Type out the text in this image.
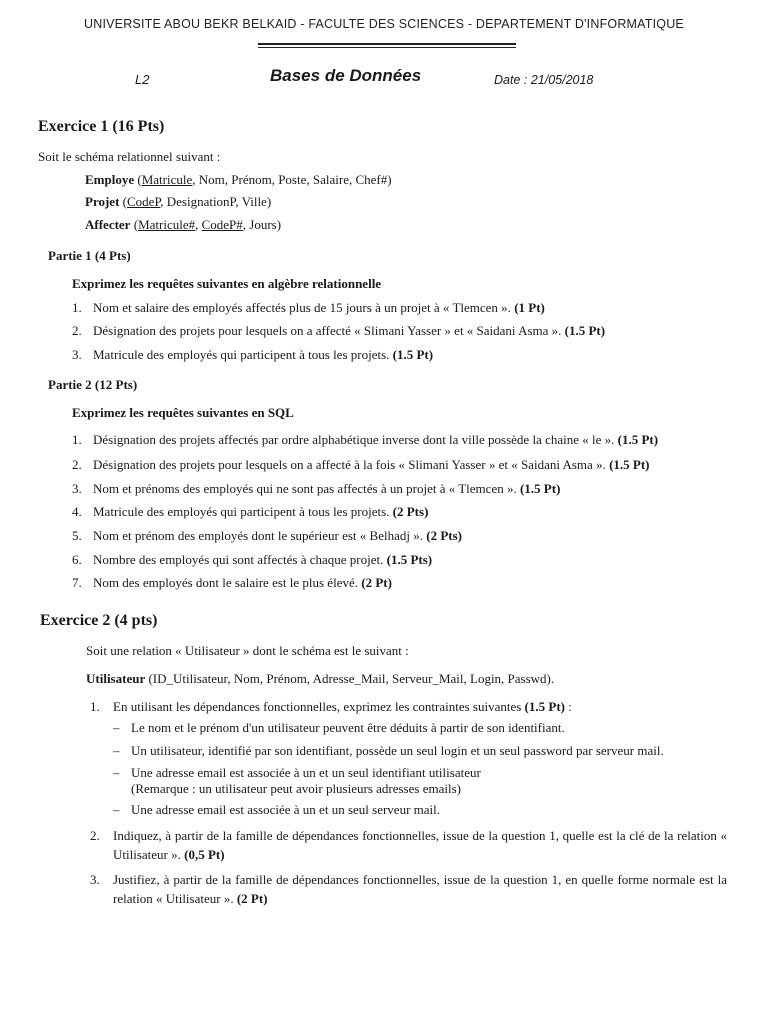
UNIVERSITE ABOU BEKR BELKAID - FACULTE DES SCIENCES - DEPARTEMENT D'INFORMATIQUE
L2	Bases de Données	Date : 21/05/2018
Exercice 1 (16 Pts)
Soit le schéma relationnel suivant :
Employe (Matricule, Nom, Prénom, Poste, Salaire, Chef#)
Projet (CodeP, DesignationP, Ville)
Affecter (Matricule#, CodeP#, Jours)
Partie 1 (4 Pts)
Exprimez les requêtes suivantes en algèbre relationnelle
1. Nom et salaire des employés affectés plus de 15 jours à un projet à « Tlemcen ». (1 Pt)
2. Désignation des projets pour lesquels on a affecté « Slimani Yasser » et « Saidani Asma ». (1.5 Pt)
3. Matricule des employés qui participent à tous les projets. (1.5 Pt)
Partie 2 (12 Pts)
Exprimez les requêtes suivantes en SQL
1. Désignation des projets affectés par ordre alphabétique inverse dont la ville possède la chaine « le ». (1.5 Pt)
2. Désignation des projets pour lesquels on a affecté à la fois « Slimani Yasser » et « Saidani Asma ». (1.5 Pt)
3. Nom et prénoms des employés qui ne sont pas affectés à un projet à « Tlemcen ». (1.5 Pt)
4. Matricule des employés qui participent à tous les projets. (2 Pts)
5. Nom et prénom des employés dont le supérieur est « Belhadj ». (2 Pts)
6. Nombre des employés qui sont affectés à chaque projet. (1.5 Pts)
7. Nom des employés dont le salaire est le plus élevé. (2 Pt)
Exercice 2 (4 pts)
Soit une relation « Utilisateur » dont le schéma est le suivant :
Utilisateur (ID_Utilisateur, Nom, Prénom, Adresse_Mail, Serveur_Mail, Login, Passwd).
1. En utilisant les dépendances fonctionnelles, exprimez les contraintes suivantes (1.5 Pt) :
– Le nom et le prénom d'un utilisateur peuvent être déduits à partir de son identifiant.
– Un utilisateur, identifié par son identifiant, possède un seul login et un seul password par serveur mail.
– Une adresse email est associée à un et un seul identifiant utilisateur
(Remarque : un utilisateur peut avoir plusieurs adresses emails)
– Une adresse email est associée à un et un seul serveur mail.
2. Indiquez, à partir de la famille de dépendances fonctionnelles, issue de la question 1, quelle est la clé de la relation « Utilisateur ». (0,5 Pt)
3. Justifiez, à partir de la famille de dépendances fonctionnelles, issue de la question 1, en quelle forme normale est la relation « Utilisateur ». (2 Pt)
